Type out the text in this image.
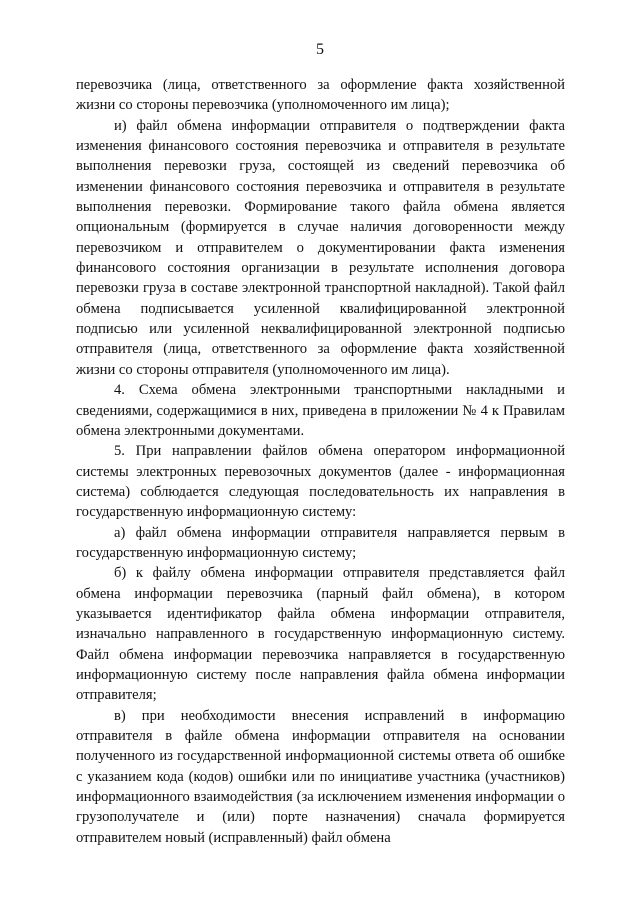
5

перевозчика (лица, ответственного за оформление факта хозяйственной жизни со стороны перевозчика (уполномоченного им лица);

и) файл обмена информации отправителя о подтверждении факта изменения финансового состояния перевозчика и отправителя в результате выполнения перевозки груза, состоящей из сведений перевозчика об изменении финансового состояния перевозчика и отправителя в результате выполнения перевозки. Формирование такого файла обмена является опциональным (формируется в случае наличия договоренности между перевозчиком и отправителем о документировании факта изменения финансового состояния организации в результате исполнения договора перевозки груза в составе электронной транспортной накладной). Такой файл обмена подписывается усиленной квалифицированной электронной подписью или усиленной неквалифицированной электронной подписью отправителя (лица, ответственного за оформление факта хозяйственной жизни со стороны отправителя (уполномоченного им лица).

4. Схема обмена электронными транспортными накладными и сведениями, содержащимися в них, приведена в приложении № 4 к Правилам обмена электронными документами.

5. При направлении файлов обмена оператором информационной системы электронных перевозочных документов (далее - информационная система) соблюдается следующая последовательность их направления в государственную информационную систему:

а) файл обмена информации отправителя направляется первым в государственную информационную систему;

б) к файлу обмена информации отправителя представляется файл обмена информации перевозчика (парный файл обмена), в котором указывается идентификатор файла обмена информации отправителя, изначально направленного в государственную информационную систему. Файл обмена информации перевозчика направляется в государственную информационную систему после направления файла обмена информации отправителя;

в) при необходимости внесения исправлений в информацию отправителя в файле обмена информации отправителя на основании полученного из государственной информационной системы ответа об ошибке с указанием кода (кодов) ошибки или по инициативе участника (участников) информационного взаимодействия (за исключением изменения информации о грузополучателе и (или) порте назначения) сначала формируется отправителем новый (исправленный) файл обмена
